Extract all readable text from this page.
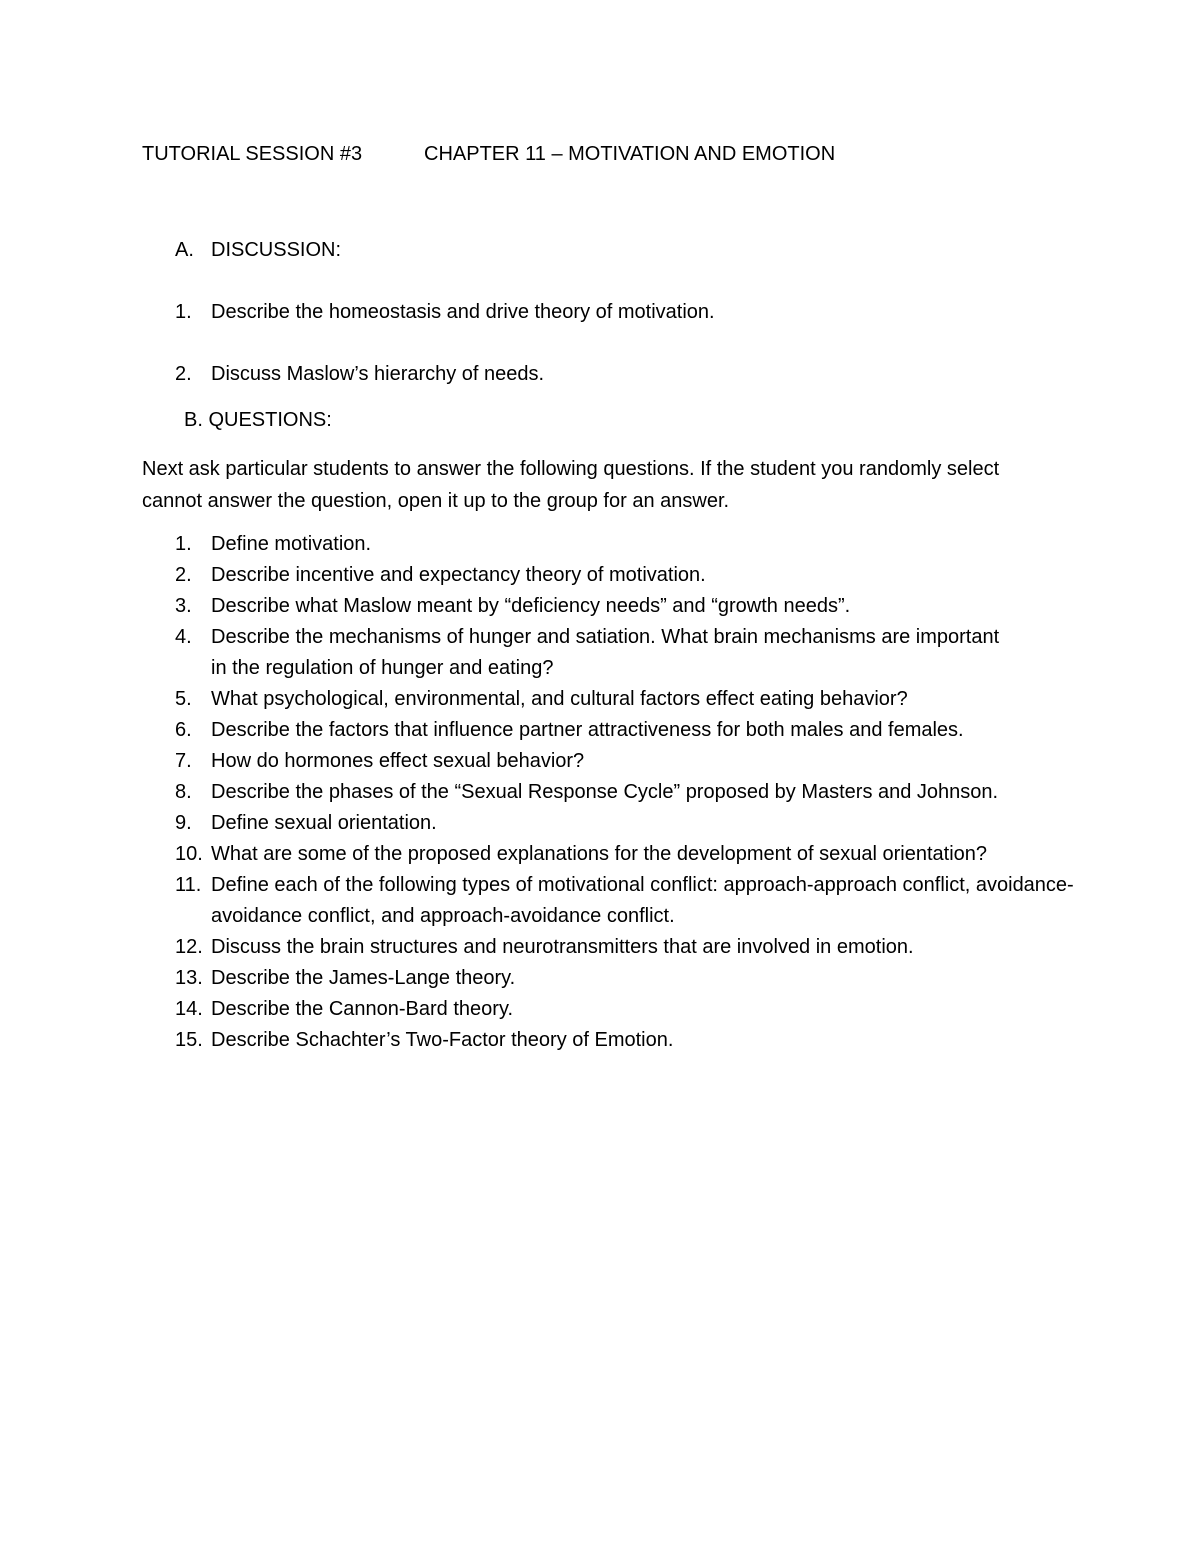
TUTORIAL SESSION #3	CHAPTER 11 – MOTIVATION AND EMOTION
A. DISCUSSION:
1. Describe the homeostasis and drive theory of motivation.
2. Discuss Maslow’s hierarchy of needs.
B. QUESTIONS:
Next ask particular students to answer the following questions. If the student you randomly select cannot answer the question, open it up to the group for an answer.
1. Define motivation.
2. Describe incentive and expectancy theory of motivation.
3. Describe what Maslow meant by “deficiency needs” and “growth needs”.
4. Describe the mechanisms of hunger and satiation. What brain mechanisms are important in the regulation of hunger and eating?
5. What psychological, environmental, and cultural factors effect eating behavior?
6. Describe the factors that influence partner attractiveness for both males and females.
7. How do hormones effect sexual behavior?
8. Describe the phases of the “Sexual Response Cycle” proposed by Masters and Johnson.
9. Define sexual orientation.
10. What are some of the proposed explanations for the development of sexual orientation?
11. Define each of the following types of motivational conflict: approach-approach conflict, avoidance-avoidance conflict, and approach-avoidance conflict.
12. Discuss the brain structures and neurotransmitters that are involved in emotion.
13. Describe the James-Lange theory.
14. Describe the Cannon-Bard theory.
15. Describe Schachter’s Two-Factor theory of Emotion.
